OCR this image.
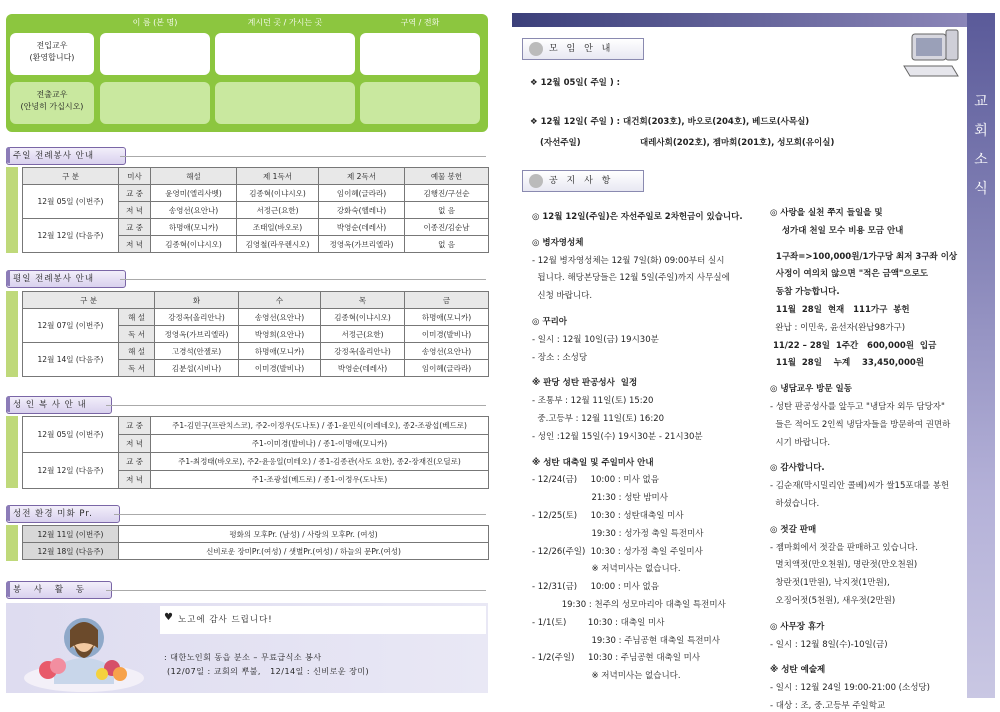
이 름 (본 명)	계시던 곳 / 가시는 곳	구역 / 전화
전입교우
(환영합니다)
전출교우
(안녕히 가십시오)
주일 전례봉사 안내
구 분	미사	해설	제 1독서	제 2독서	예물 봉헌
12월 05일 (이번주)	교 중	윤영미(엘리사벳)	김종혁(이냐시오)	임이혜(글라라)	김행진/구선순
	저 녁	송영선(요안나)	서정근(요한)	강화숙(헬레나)	없 음
12월 12일 (다음주)	교 중	하명애(모니카)	조태일(바오로)	박영순(데레사)	이종진/김순남
	저 녁	김종혁(이냐시오)	김영철(라우렌시오)	정영옥(가브리엘라)	없 음
평일 전례봉사 안내
구 분		화	수	목	금
12월 07일 (이번주)	해 설	강정옥(올리안나)	송영선(요안나)	김종혁(이냐시오)	하명애(모니카)
	독 서	정영옥(가브리엘라)	박영희(요안나)	서정근(요한)	이미경(발비나)
12월 14일 (다음주)	해 설	고경석(안젤로)	하명애(모니카)	강정옥(올리안나)	송영선(요안나)
	독 서	김분섭(시비나)	이미경(발비나)	박영순(데레사)	임이혜(글라라)
성 인 복 사 안 내
12월 05일 (이번주)	교 중	주1-김민구(프란치스코), 주2-이정우(도나토) / 종1-윤민식(이레네오), 종2-조광섭(베드로)
	저 녁	주1-이미경(발비나) / 종1-이명애(모니카)
12월 12일 (다음주)	교 중	주1-최정태(바오로), 주2-윤응일(미테오) / 종1-김종관(사도 요한), 종2-장재진(오딜로)
	저 녁	주1-조광섭(베드로) / 종1-이정우(도나토)
성전 환경 미화 Pr.
12월 11일 (이번주)	평화의 모후Pr. (남성) / 사랑의 모후Pr. (여성)
12월 18일 (다음주)	신비로운 장미Pr.(여성) / 샛별Pr.(여성) / 하늘의 문Pr.(여성)
봉 사 활 동
♥ 노고에 감사 드립니다!
: 대한노인회 동읍 분소 – 무료급식소 봉사
(12/07일 : 교회의 뿌불,   12/14일 : 신비로운 장미)
교
회
소
식
모 임 안 내
❖ 12월 05일( 주일 ) :
❖ 12월 12일( 주일 ) : 대건회(203호), 바오로(204호), 베드로(사목실)
(자선주일)	대레사회(202호), 젬마회(201호), 성모회(유이실)
공 지 사 항
◎ 12월 12일(주일)은 자선주일로 2차헌금이 있습니다.
◎ 병자영성체
- 12월 병자영성체는 12월 7일(화) 09:00부터 실시
됩니다. 해당본당들은 12월 5일(주일)까지 사무실에
신청 바랍니다.
◎ 꾸리아
- 일시 : 12월 10일(금) 19시30분
- 장소 : 소성당
※ 판당 성탄 판공성사  일정
- 조통부 : 12월 11일(토) 15:20
중.고등부 : 12월 11일(토) 16:20
- 성인 :12월 15일(수) 19시30분 - 21시30분
※ 성탄 대축일 및 주일미사 안내
- 12/24(금)     10:00 : 미사 없음
21:30 : 성탄 밤미사
- 12/25(토)     10:30 : 성탄대축일 미사
19:30 : 성가정 축일 특전미사
- 12/26(주일)  10:30 : 성가정 축일 주일미사
※ 저녁미사는 없습니다.
- 12/31(금)     10:00 : 미사 없음
19:30 : 천주의 성모마리아 대축일 특전미사
- 1/1(토)        10:30 : 대축일 미사
19:30 : 주님공현 대축일 특전미사
- 1/2(주일)     10:30 : 주님공현 대축일 미사
※ 저녁미사는 없습니다.
◎ 사랑을 실천 쭈지 들일을 및
성가대 천일 모수 비용 모금 안내
1구좌=>100,000원/1가구당 최저 3구좌 이상
사정이 여의치 않으면 "적은 금액"으로도
동참 가능합니다.
11월  28일  현재   111가구  봉헌
완납 : 이민욱, 윤선자(완납98가구)
11/22 – 28일  1주간   600,000원  입금
11월  28일    누계    33,450,000원
◎ 냉담교우 방문 일동
- 성탄 판공성사를 앞두고 "냉담자 외두 담당자"
들은 적어도 2인씩 냉담자들을 방문하여 권면하
시기 바랍니다.
◎ 감사합니다.
- 김순재(막시밀리안 콜베)씨가 쌀15포대를 봉헌
하셨습니다.
◎ 젓갈 판매
- 젬마회에서 젓갈을 판매하고 있습니다.
멸치액젓(만오천원), 명란젓(만오천원)
창란젓(1만원), 낙지젓(1만원),
오징어젓(5천원), 새우젓(2만원)
◎ 사무장 휴가
- 일시 : 12월 8일(수)-10일(금)
※ 성탄 예술제
- 일시 : 12월 24일 19:00-21:00 (소성당)
- 대상 : 조, 중.고등부 주일학교
